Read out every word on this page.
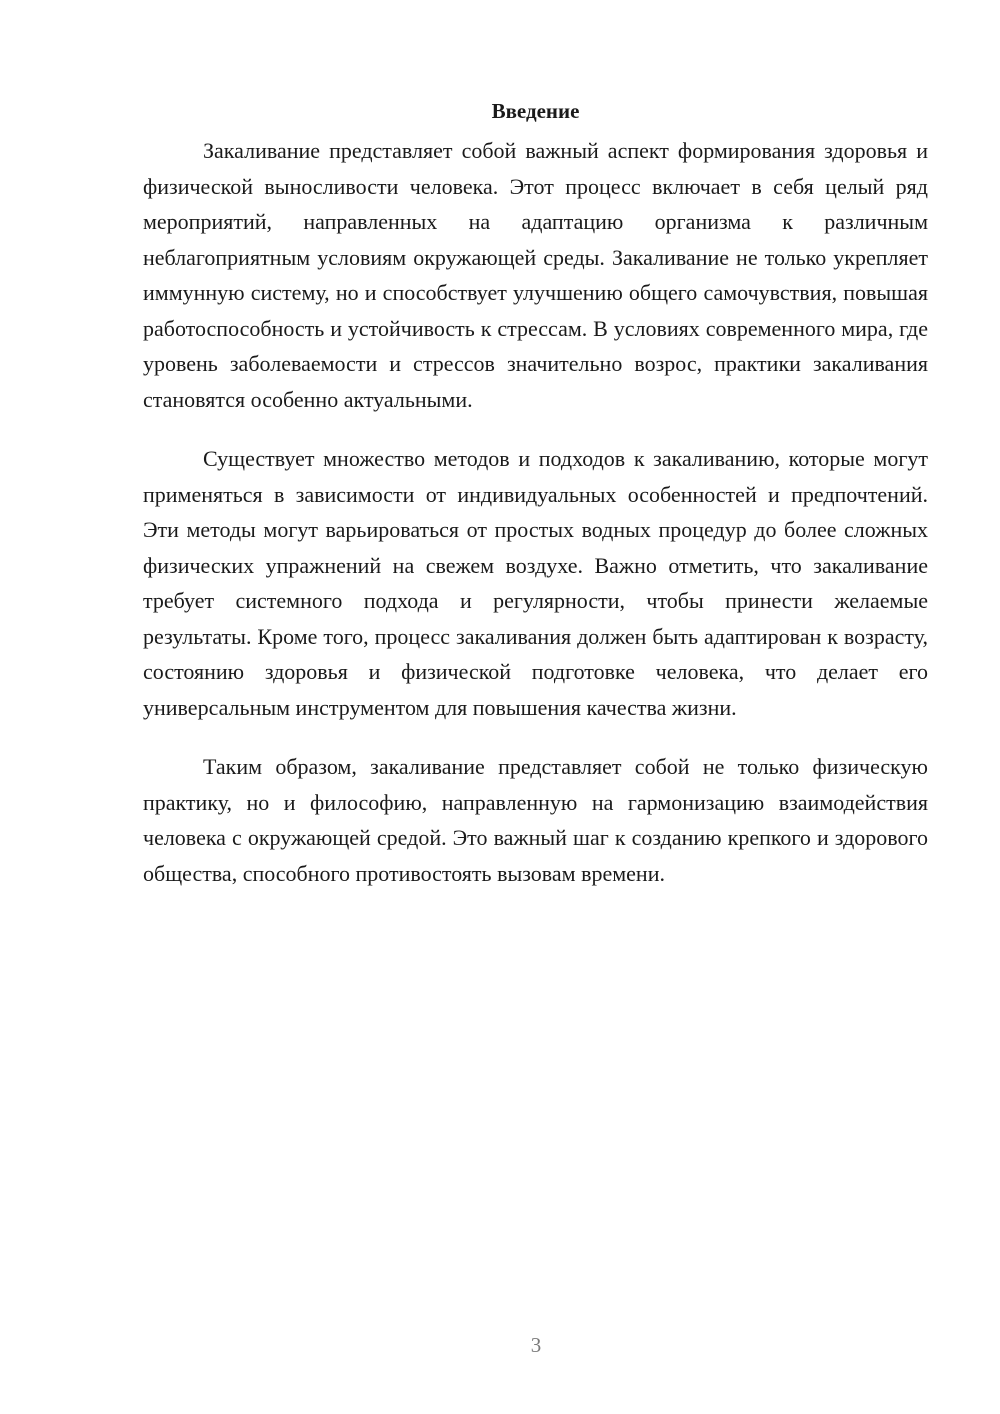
Введение

Закаливание представляет собой важный аспект формирования здоровья и физической выносливости человека. Этот процесс включает в себя целый ряд мероприятий, направленных на адаптацию организма к различным неблагоприятным условиям окружающей среды. Закаливание не только укрепляет иммунную систему, но и способствует улучшению общего самочувствия, повышая работоспособность и устойчивость к стрессам. В условиях современного мира, где уровень заболеваемости и стрессов значительно возрос, практики закаливания становятся особенно актуальными.

Существует множество методов и подходов к закаливанию, которые могут применяться в зависимости от индивидуальных особенностей и предпочтений. Эти методы могут варьироваться от простых водных процедур до более сложных физических упражнений на свежем воздухе. Важно отметить, что закаливание требует системного подхода и регулярности, чтобы принести желаемые результаты. Кроме того, процесс закаливания должен быть адаптирован к возрасту, состоянию здоровья и физической подготовке человека, что делает его универсальным инструментом для повышения качества жизни.

Таким образом, закаливание представляет собой не только физическую практику, но и философию, направленную на гармонизацию взаимодействия человека с окружающей средой. Это важный шаг к созданию крепкого и здорового общества, способного противостоять вызовам времени.

3
